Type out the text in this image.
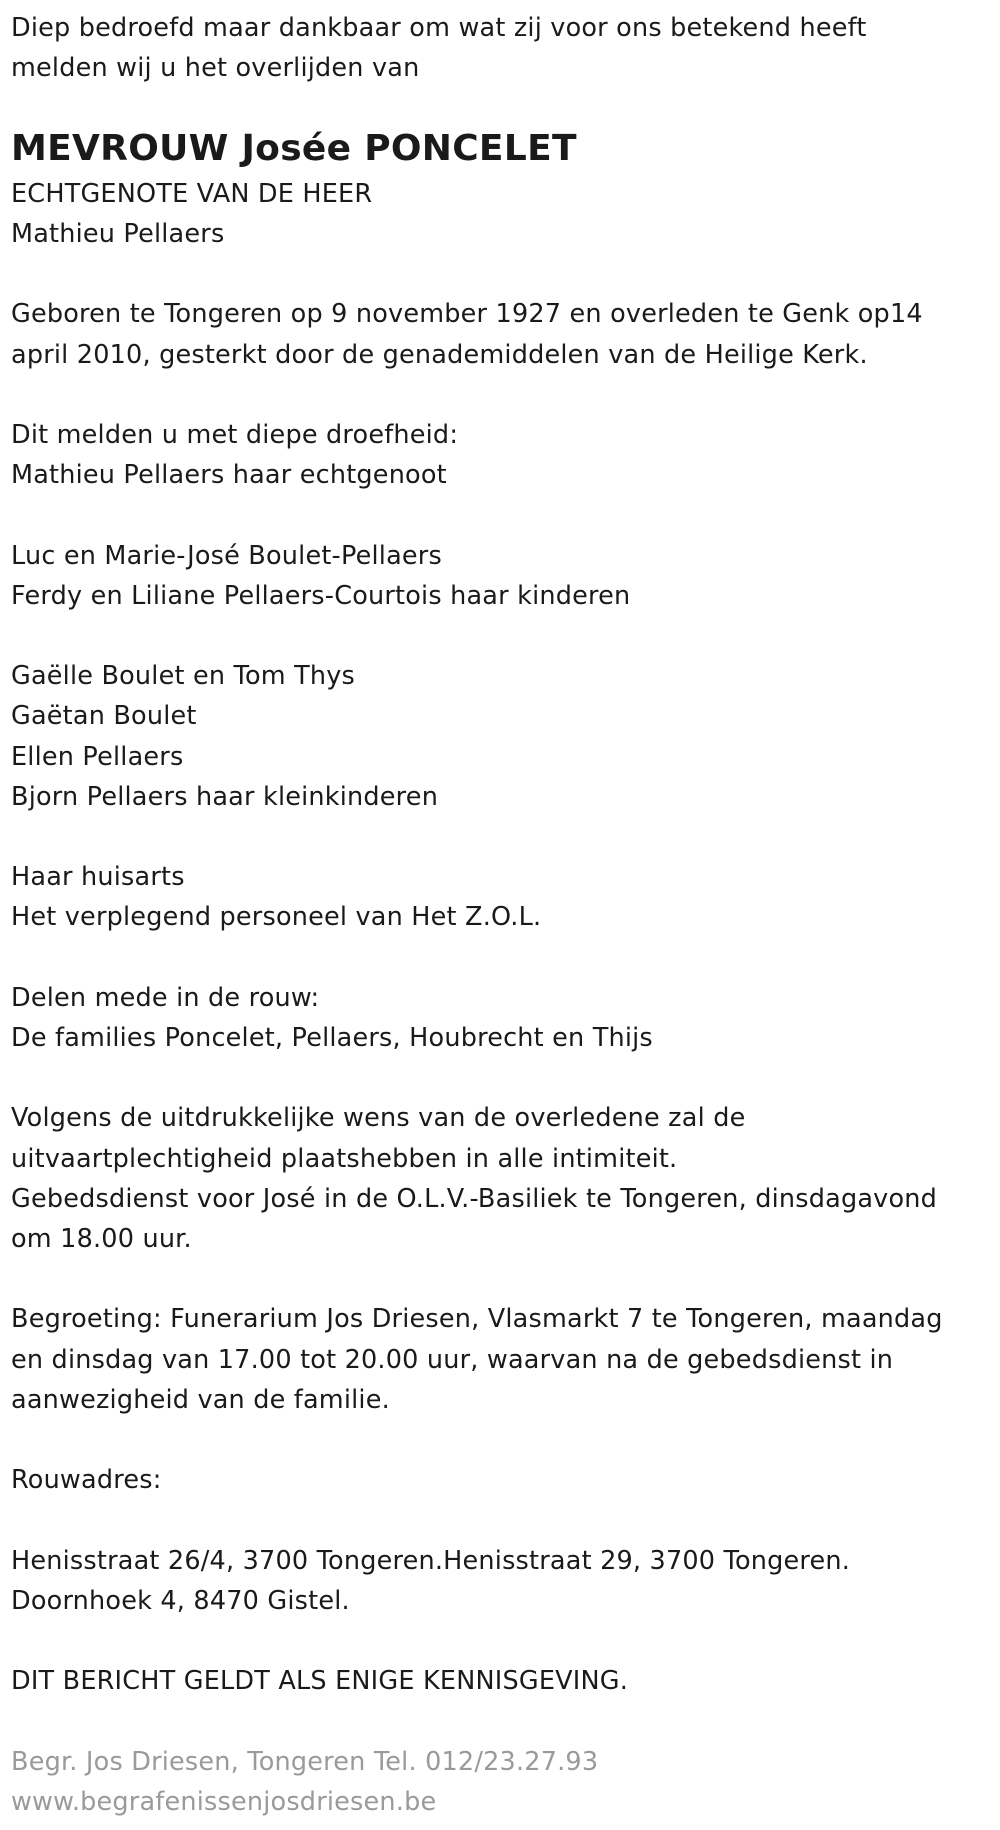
Diep bedroefd maar dankbaar om wat zij voor ons betekend heeft
melden wij u het overlijden van
MEVROUW Josée PONCELET
ECHTGENOTE VAN DE HEER
Mathieu Pellaers
Geboren te Tongeren op 9 november 1927 en overleden te Genk op14
april 2010, gesterkt door de genademiddelen van de Heilige Kerk.
Dit melden u met diepe droefheid:
Mathieu Pellaers haar echtgenoot
Luc en Marie-José Boulet-Pellaers
Ferdy en Liliane Pellaers-Courtois haar kinderen
Gaëlle Boulet en Tom Thys
Gaëtan Boulet
Ellen Pellaers
Bjorn Pellaers haar kleinkinderen
Haar huisarts
Het verplegend personeel van Het Z.O.L.
Delen mede in de rouw:
De families Poncelet, Pellaers, Houbrecht en Thijs
Volgens de uitdrukkelijke wens van de overledene zal de
uitvaartplechtigheid plaatshebben in alle intimiteit.
Gebedsdienst voor José in de O.L.V.-Basiliek te Tongeren, dinsdagavond
om 18.00 uur.
Begroeting: Funerarium Jos Driesen, Vlasmarkt 7 te Tongeren, maandag
en dinsdag van 17.00 tot 20.00 uur, waarvan na de gebedsdienst in
aanwezigheid van de familie.
Rouwadres:
Henisstraat 26/4, 3700 Tongeren.Henisstraat 29, 3700 Tongeren.
Doornhoek 4, 8470 Gistel.
DIT BERICHT GELDT ALS ENIGE KENNISGEVING.
Begr. Jos Driesen, Tongeren Tel. 012/23.27.93
www.begrafenissenjosdriesen.be
